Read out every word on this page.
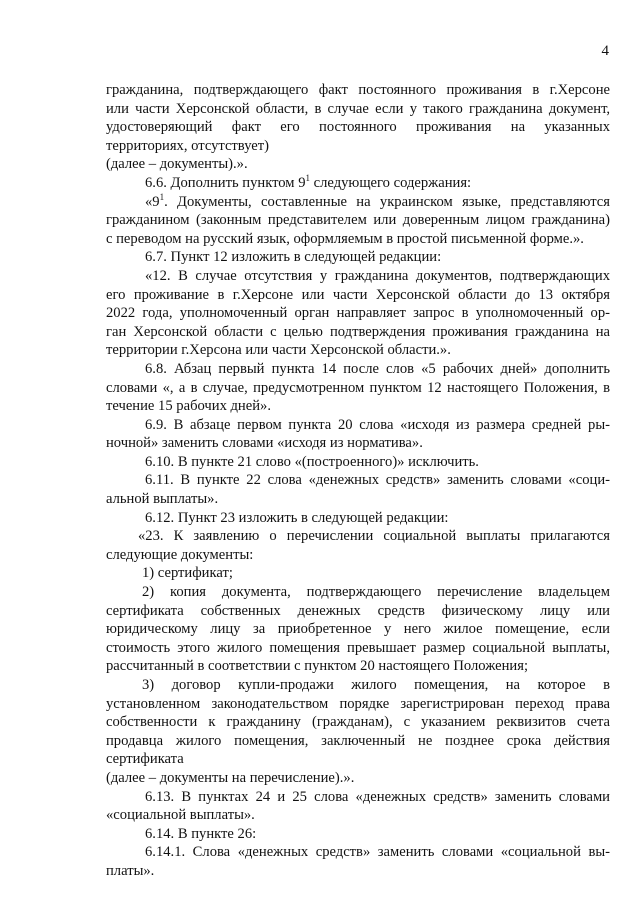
4
гражданина, подтверждающего факт постоянного проживания в г.Херсоне
или части Херсонской области, в случае если у такого гражданина документ,
удостоверяющий факт его постоянного проживания на указанных
территориях, отсутствует)
(далее – документы).».
6.6. Дополнить пунктом $9^1$ следующего содержания:
«$9^1$. Документы, составленные на украинском языке, представляются
гражданином (законным представителем или доверенным лицом гражданина)
с переводом на русский язык, оформляемым в простой письменной форме.».
6.7. Пункт 12 изложить в следующей редакции:
«12. В случае отсутствия у гражданина документов, подтверждающих
его проживание в г.Херсоне или части Херсонской области до 13 октября
2022 года, уполномоченный орган направляет запрос в уполномоченный ор-
ган Херсонской области с целью подтверждения проживания гражданина на
территории г.Херсона или части Херсонской области.».
6.8. Абзац первый пункта 14 после слов «5 рабочих дней» дополнить
словами «, а в случае, предусмотренном пунктом 12 настоящего Положения, в
течение 15 рабочих дней».
6.9. В абзаце первом пункта 20 слова «исходя из размера средней ры-
ночной» заменить словами «исходя из норматива».
6.10. В пункте 21 слово «(построенного)» исключить.
6.11. В пункте 22 слова «денежных средств» заменить словами «соци-
альной выплаты».
6.12. Пункт 23 изложить в следующей редакции:
«23. К заявлению о перечислении социальной выплаты прилагаются
следующие документы:
1) сертификат;
2) копия документа, подтверждающего перечисление владельцем
сертификата собственных денежных средств физическому лицу или
юридическому лицу за приобретенное у него жилое помещение, если
стоимость этого жилого помещения превышает размер социальной выплаты,
рассчитанный в соответствии с пунктом 20 настоящего Положения;
3) договор купли-продажи жилого помещения, на которое в
установленном законодательством порядке зарегистрирован переход права
собственности к гражданину (гражданам), с указанием реквизитов счета
продавца жилого помещения, заключенный не позднее срока действия
сертификата
(далее – документы на перечисление).».
6.13. В пунктах 24 и 25 слова «денежных средств» заменить словами
«социальной выплаты».
6.14. В пункте 26:
6.14.1. Слова «денежных средств» заменить словами «социальной вы-
платы».
